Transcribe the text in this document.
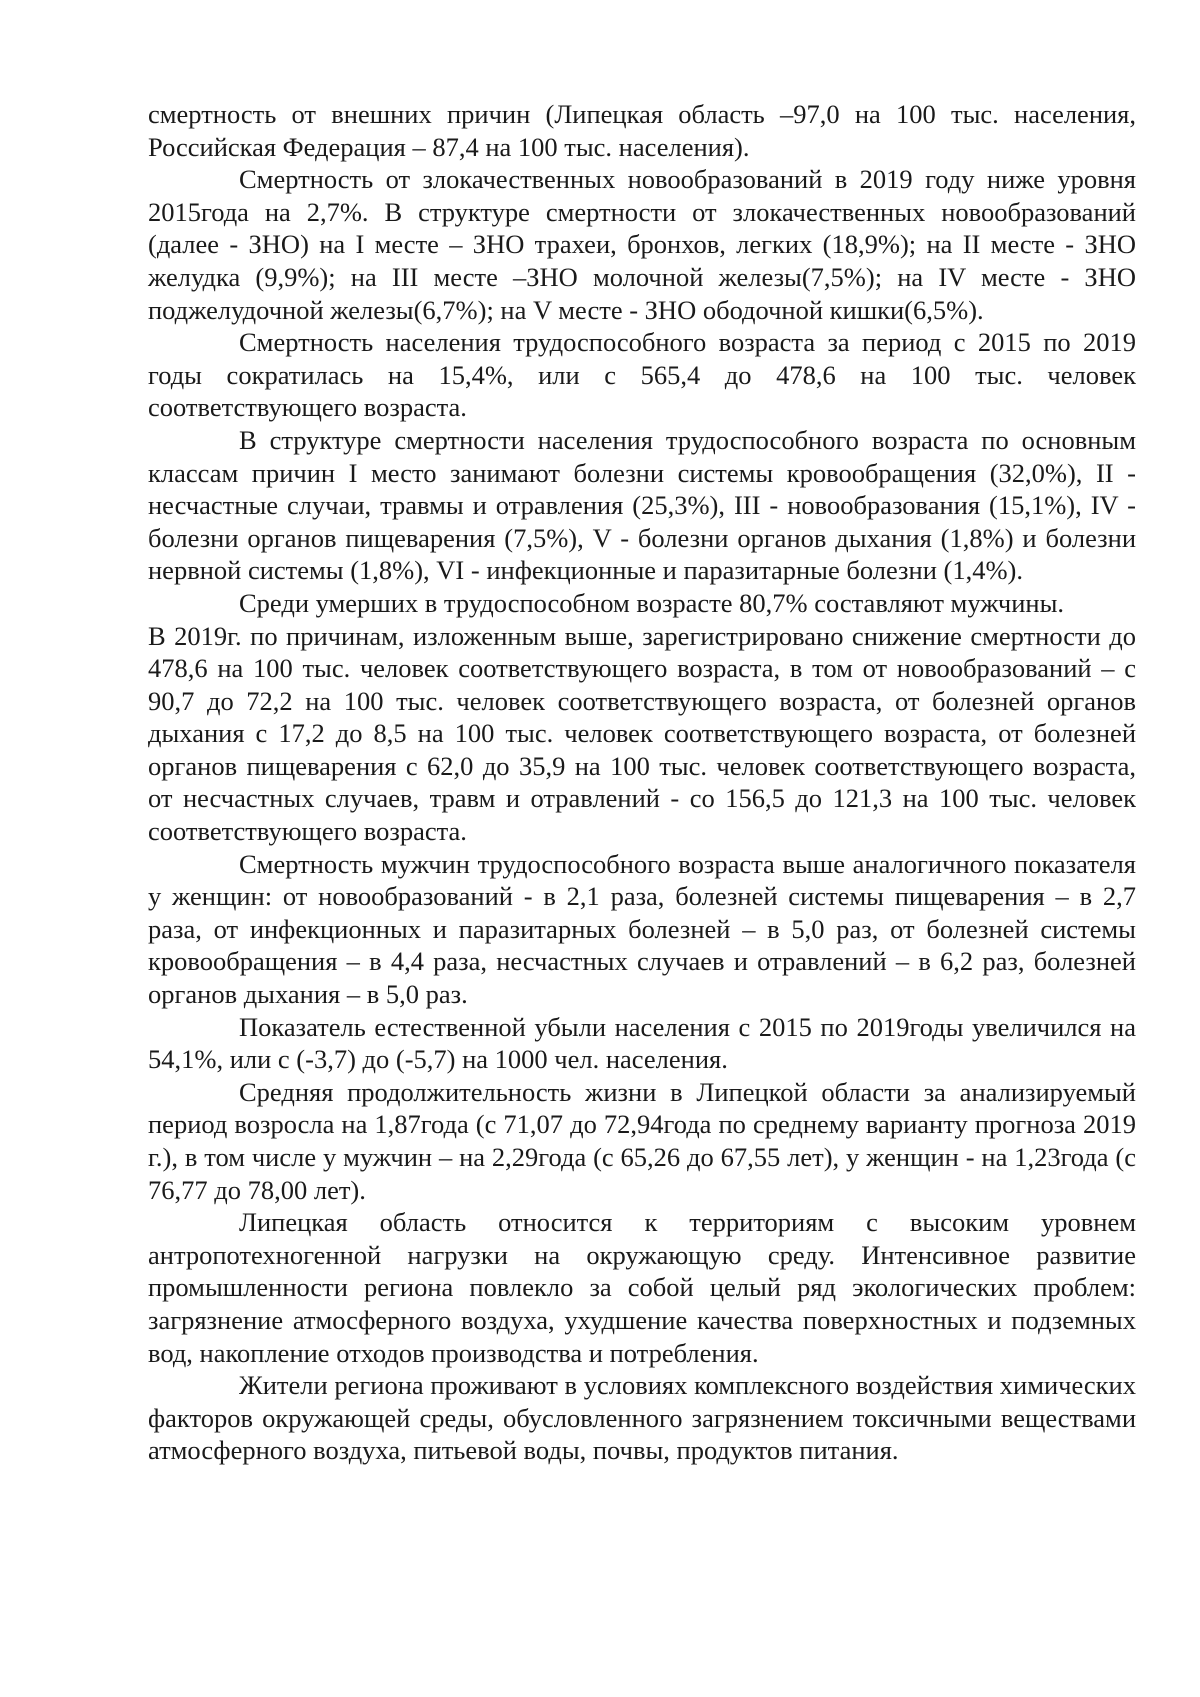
смертность от внешних причин (Липецкая область –97,0 на 100 тыс. населения, Российская Федерация – 87,4 на 100 тыс. населения).

Смертность от злокачественных новообразований в 2019 году ниже уровня 2015года на 2,7%. В структуре смертности от злокачественных новообразований (далее - ЗНО) на I месте – ЗНО трахеи, бронхов, легких (18,9%); на II месте - ЗНО желудка (9,9%); на III месте –ЗНО молочной железы(7,5%); на IV месте - ЗНО поджелудочной железы(6,7%); на V месте - ЗНО ободочной кишки(6,5%).

Смертность населения трудоспособного возраста за период с 2015 по 2019 годы сократилась на 15,4%, или с 565,4 до 478,6 на 100 тыс. человек соответствующего возраста.

В структуре смертности населения трудоспособного возраста по основным классам причин I место занимают болезни системы кровообращения (32,0%), II - несчастные случаи, травмы и отравления (25,3%), III - новообразования (15,1%), IV - болезни органов пищеварения (7,5%), V - болезни органов дыхания (1,8%) и болезни нервной системы (1,8%), VI - инфекционные и паразитарные болезни (1,4%).

Среди умерших в трудоспособном возрасте 80,7% составляют мужчины.

В 2019г. по причинам, изложенным выше, зарегистрировано снижение смертности до 478,6 на 100 тыс. человек соответствующего возраста, в том от новообразований – с 90,7 до 72,2 на 100 тыс. человек соответствующего возраста, от болезней органов дыхания с 17,2 до 8,5 на 100 тыс. человек соответствующего возраста, от болезней органов пищеварения с 62,0 до 35,9 на 100 тыс. человек соответствующего возраста, от несчастных случаев, травм и отравлений - со 156,5 до 121,3 на 100 тыс. человек соответствующего возраста.

Смертность мужчин трудоспособного возраста выше аналогичного показателя у женщин: от новообразований - в 2,1 раза, болезней системы пищеварения – в 2,7 раза, от инфекционных и паразитарных болезней – в 5,0 раз, от болезней системы кровообращения – в 4,4 раза, несчастных случаев и отравлений – в 6,2 раз, болезней органов дыхания – в 5,0 раз.

Показатель естественной убыли населения с 2015 по 2019годы увеличился на 54,1%, или с (-3,7) до (-5,7) на 1000 чел. населения.

Средняя продолжительность жизни в Липецкой области за анализируемый период возросла на 1,87года (с 71,07 до 72,94года по среднему варианту прогноза 2019 г.), в том числе у мужчин – на 2,29года (с 65,26 до 67,55 лет), у женщин - на 1,23года (с 76,77 до 78,00 лет).

Липецкая область относится к территориям с высоким уровнем антропотехногенной нагрузки на окружающую среду. Интенсивное развитие промышленности региона повлекло за собой целый ряд экологических проблем: загрязнение атмосферного воздуха, ухудшение качества поверхностных и подземных вод, накопление отходов производства и потребления.

Жители региона проживают в условиях комплексного воздействия химических факторов окружающей среды, обусловленного загрязнением токсичными веществами атмосферного воздуха, питьевой воды, почвы, продуктов питания.
